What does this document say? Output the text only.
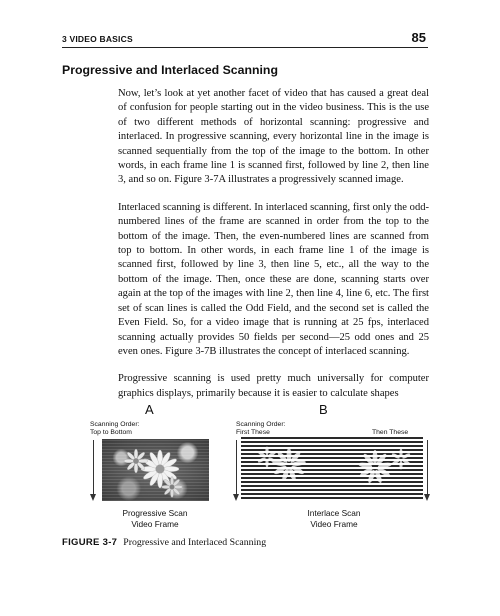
3 VIDEO BASICS	85
Progressive and Interlaced Scanning

Now, let’s look at yet another facet of video that has caused a great deal of confusion for people starting out in the video business. This is the use of two different methods of horizontal scanning: progressive and interlaced. In progressive scanning, every horizontal line in the image is scanned sequentially from the top of the image to the bottom. In other words, in each frame line 1 is scanned first, followed by line 2, then line 3, and so on. Figure 3-7A illustrates a progressively scanned image.

Interlaced scanning is different. In interlaced scanning, first only the odd-numbered lines of the frame are scanned in order from the top to the bottom of the image. Then, the even-numbered lines are scanned from top to bottom. In other words, in each frame line 1 of the image is scanned first, followed by line 3, then line 5, etc., all the way to the bottom of the image. Then, once these are done, scanning starts over again at the top of the images with line 2, then line 4, line 6, etc. The first set of scan lines is called the Odd Field, and the second set is called the Even Field. So, for a video image that is running at 25 fps, interlaced scanning actually provides 50 fields per second—25 odd ones and 25 even ones. Figure 3-7B illustrates the concept of interlaced scanning.

Progressive scanning is used pretty much universally for computer graphics displays, primarily because it is easier to calculate shapes

A	B
Scanning Order:
Top to Bottom
Scanning Order:
First These	Then These
Progressive Scan
Video Frame
Interlace Scan
Video Frame
FIGURE 3-7 Progressive and Interlaced Scanning
